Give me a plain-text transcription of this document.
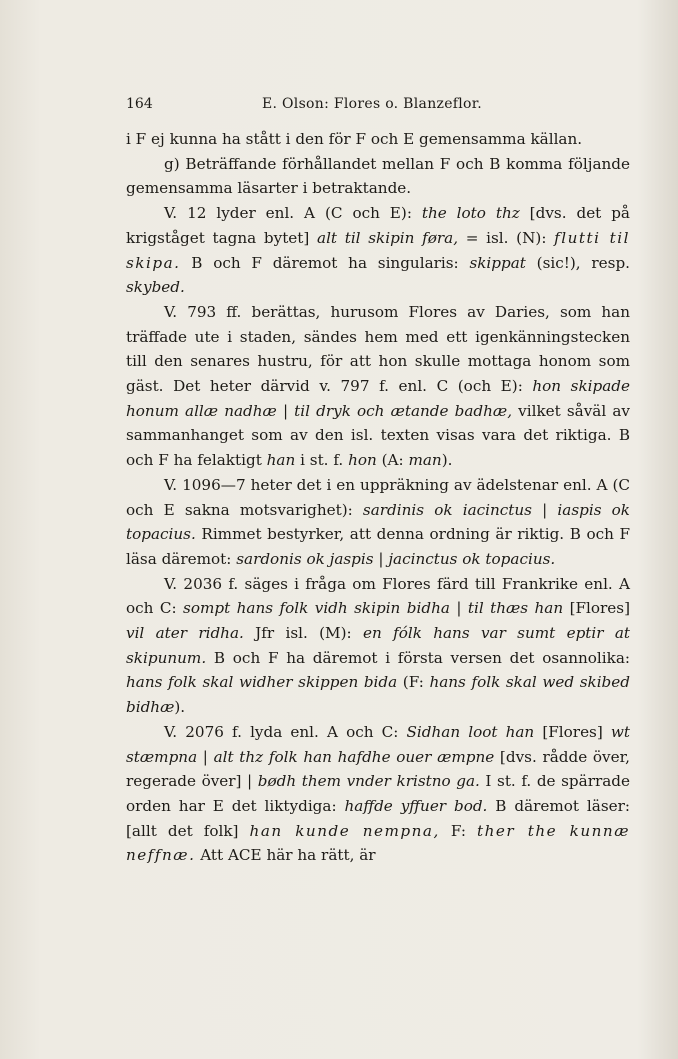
164	E. Olson: Flores o. Blanzeflor.

i F ej kunna ha stått i den för F och E gemensamma källan.

g) Beträffande förhållandet mellan F och B komma följande gemensamma läsarter i betraktande.

V. 12 lyder enl. A (C och E): the loto thz [dvs. det på krigståget tagna bytet] alt til skipin føra, = isl. (N): flutti til skipa. B och F däremot ha singularis: skippat (sic!), resp. skybed.

V. 793 ff. berättas, hurusom Flores av Daries, som han träffade ute i staden, sändes hem med ett igenkänningstecken till den senares hustru, för att hon skulle mottaga honom som gäst. Det heter därvid v. 797 f. enl. C (och E): hon skipade honum allæ nadhæ | til dryk och ætande badhæ, vilket såväl av sammanhanget som av den isl. texten visas vara det riktiga. B och F ha felaktigt han i st. f. hon (A: man).

V. 1096—7 heter det i en uppräkning av ädelstenar enl. A (C och E sakna motsvarighet): sardinis ok iacinctus | iaspis ok topacius. Rimmet bestyrker, att denna ordning är riktig. B och F läsa däremot: sardonis ok jaspis | jacinctus ok topacius.

V. 2036 f. säges i fråga om Flores färd till Frankrike enl. A och C: sompt hans folk vidh skipin bidha | til thæs han [Flores] vil ater ridha. Jfr isl. (M): en fólk hans var sumt eptir at skipunum. B och F ha däremot i första versen det osannolika: hans folk skal widher skippen bida (F: hans folk skal wed skibed bidhæ).

V. 2076 f. lyda enl. A och C: Sidhan loot han [Flores] wt stæmpna | alt thz folk han hafdhe ouer æmpne [dvs. rådde över, regerade över] | bødh them vnder kristno ga. I st. f. de spärrade orden har E det liktydiga: haffde yffuer bod. B däremot läser: [allt det folk] han kunde nempna, F: ther the kunnæ neffnæ. Att ACE här ha rätt, är
